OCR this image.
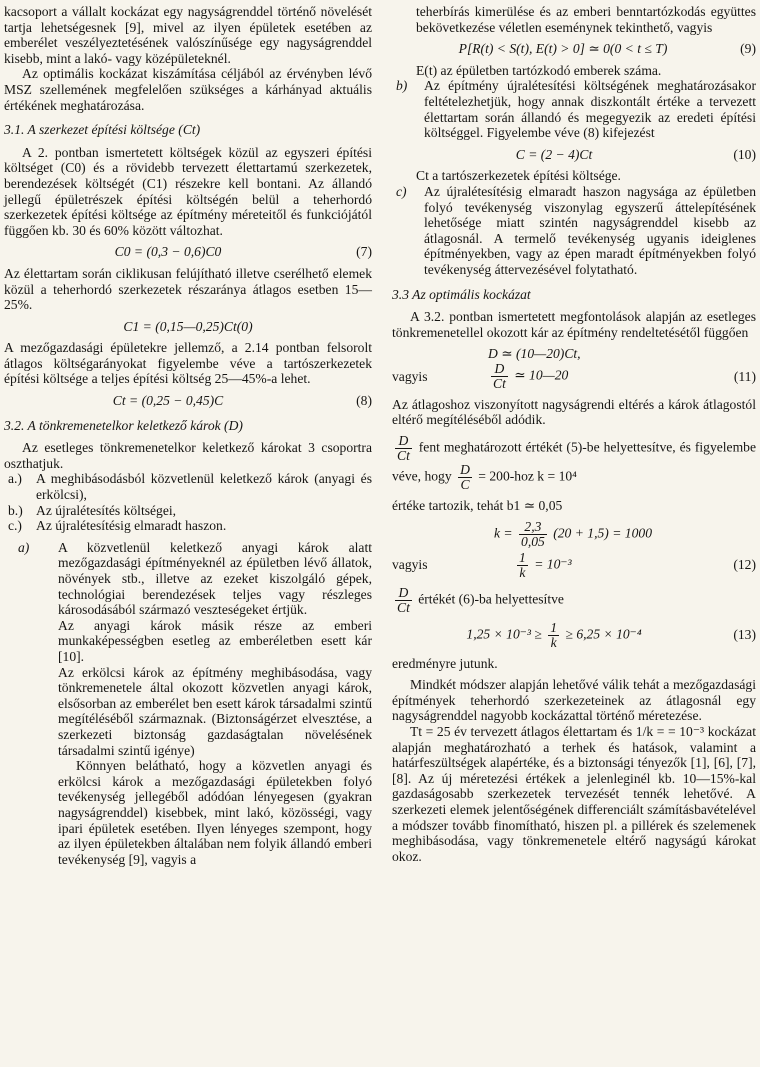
kacsoport a vállalt kockázat egy nagyságrenddel történő növelését tartja lehetségesnek [9], mivel az ilyen épületek esetében az emberélet veszélyeztetésének valószínűsége egy nagyságrenddel kisebb, mint a lakó- vagy középületeknél.

Az optimális kockázat kiszámítása céljából az érvényben lévő MSZ szellemének megfelelően szükséges a kárhányad aktuális értékének meghatározása.

3.1. A szerkezet építési költsége (Ct)

A 2. pontban ismertetett költségek közül az egyszeri építési költséget (C0) és a rövidebb tervezett élettartamú szerkezetek, berendezések költségét (C1) részekre kell bontani. Az állandó jellegű épületrészek építési költségén belül a teherhordó szerkezetek építési költsége az építmény méreteitől és funkciójától függően kb. 30 és 60% között változhat.

C0 = (0,3 − 0,6)C0	(7)

Az élettartam során ciklikusan felújítható illetve cserélhető elemek közül a teherhordó szerkezetek részaránya átlagos esetben 15—25%.

C1 = (0,15—0,25)Ct(0)

A mezőgazdasági épületekre jellemző, a 2.14 pontban felsorolt átlagos költségarányokat figyelembe véve a tartószerkezetek építési költsége a teljes építési költség 25—45%-a lehet.

Ct = (0,25 − 0,45)C	(8)

3.2. A tönkremenetelkor keletkező károk (D)

Az esetleges tönkremenetelkor keletkező károkat 3 csoportra oszthatjuk.

a.)	A meghibásodásból közvetlenül keletkező károk (anyagi és erkölcsi),
b.) Az újralétesítés költségei,
c.)	Az újralétesítésig elmaradt haszon.
a)	A közvetlenül keletkező anyagi károk alatt mezőgazdasági építményeknél az épületben lévő állatok, növények stb., illetve az ezeket kiszolgáló gépek, technológiai berendezések teljes vagy részleges károsodásából származó veszteségeket értjük.

Az anyagi károk másik része az emberi munkaképességben esetleg az emberéletben esett kár [10].

Az erkölcsi károk az építmény meghibásodása, vagy tönkremenetele által okozott közvetlen anyagi károk, elsősorban az emberélet ben esett károk társadalmi szintű megítéléséből származnak. (Biztonságérzet elvesztése, a szerkezeti biztonság gazdaságtalan növelésének társadalmi szintű igénye)

Könnyen belátható, hogy a közvetlen anyagi és erkölcsi károk a mezőgazdasági épületekben folyó tevékenység jellegéből adódóan lényegesen (gyakran nagyságrenddel) kisebbek, mint lakó, közösségi, vagy ipari épületek esetében. Ilyen lényeges szempont, hogy az ilyen épületekben általában nem folyik állandó emberi tevékenység [9], vagyis a

teherbírás kimerülése és az emberi benntartózkodás együttes bekövetkezése véletlen eseménynek tekinthető, vagyis

P[R(t) < S(t), E(t) > 0] ≃ 0(0 < t ≤ T)	(9)

E(t) az épületben tartózkodó emberek száma.

b)	Az építmény újralétesítési költségének meghatározásakor feltételezhetjük, hogy annak diszkontált értéke a tervezett élettartam során állandó és megegyezik az eredeti építési költséggel. Figyelembe véve (8) kifejezést
C = (2 − 4)Ct	(10)

Ct a tartószerkezetek építési költsége.

c)	Az újralétesítésig elmaradt haszon nagysága az épületben folyó tevékenység viszonylag egyszerű áttelepítésének lehetősége miatt szintén nagyságrenddel kisebb az átlagosnál. A termelő tevékenység ugyanis ideiglenes építményekben, vagy az épen maradt építményekben folyó tevékenység áttervezésével folytatható.

3.3 Az optimális kockázat

A 3.2. pontban ismertetett megfontolások alapján az esetleges tönkremenetellel okozott kár az építmény rendeltetésétől függően

D ≃ (10—20)Ct,
vagyis	$\frac{D}{Ct}$ ≃ 10—20	(11)

Az átlagoshoz viszonyított nagyságrendi eltérés a károk átlagostól eltérő megítéléséből adódik.

$\frac{D}{Ct}$ fent meghatározott értékét (5)-be helyettesítve, és figyelembe véve, hogy $\frac{D}{C} = 200-hoz$ k = 10⁴

értéke tartozik, tehát b1 ≃ 0,05

$k = \frac{2,3}{0,05} (20 + 1,5) = 1000$
vagyis	$\frac{1}{k} = 10^{-3}$	(12)

$\frac{D}{Ct}$ értékét (6)-ba helyettesítve

$1,25 \times 10^{-3} \ge \frac{1}{k} \ge 6,25 \times 10^{-4}$	(13)

eredményre jutunk.

Mindkét módszer alapján lehetővé válik tehát a mezőgazdasági építmények teherhordó szerkezeteinek az átlagosnál egy nagyságrenddel nagyobb kockázattal történő méretezése.

Tt = 25 év tervezett átlagos élettartam és 1/k = = 10⁻³ kockázat alapján meghatározható a terhek és hatások, valamint a határfeszültségek alapértéke, és a biztonsági tényezők [1], [6], [7], [8]. Az új méretezési értékek a jelenleginél kb. 10—15%-kal gazdaságosabb szerkezetek tervezését tennék lehetővé. A szerkezeti elemek jelentőségének differenciált számításbavételével a módszer tovább finomítható, hiszen pl. a pillérek és szelemenek meghibásodása, vagy tönkremenetele eltérő nagyságú károkat okoz.
